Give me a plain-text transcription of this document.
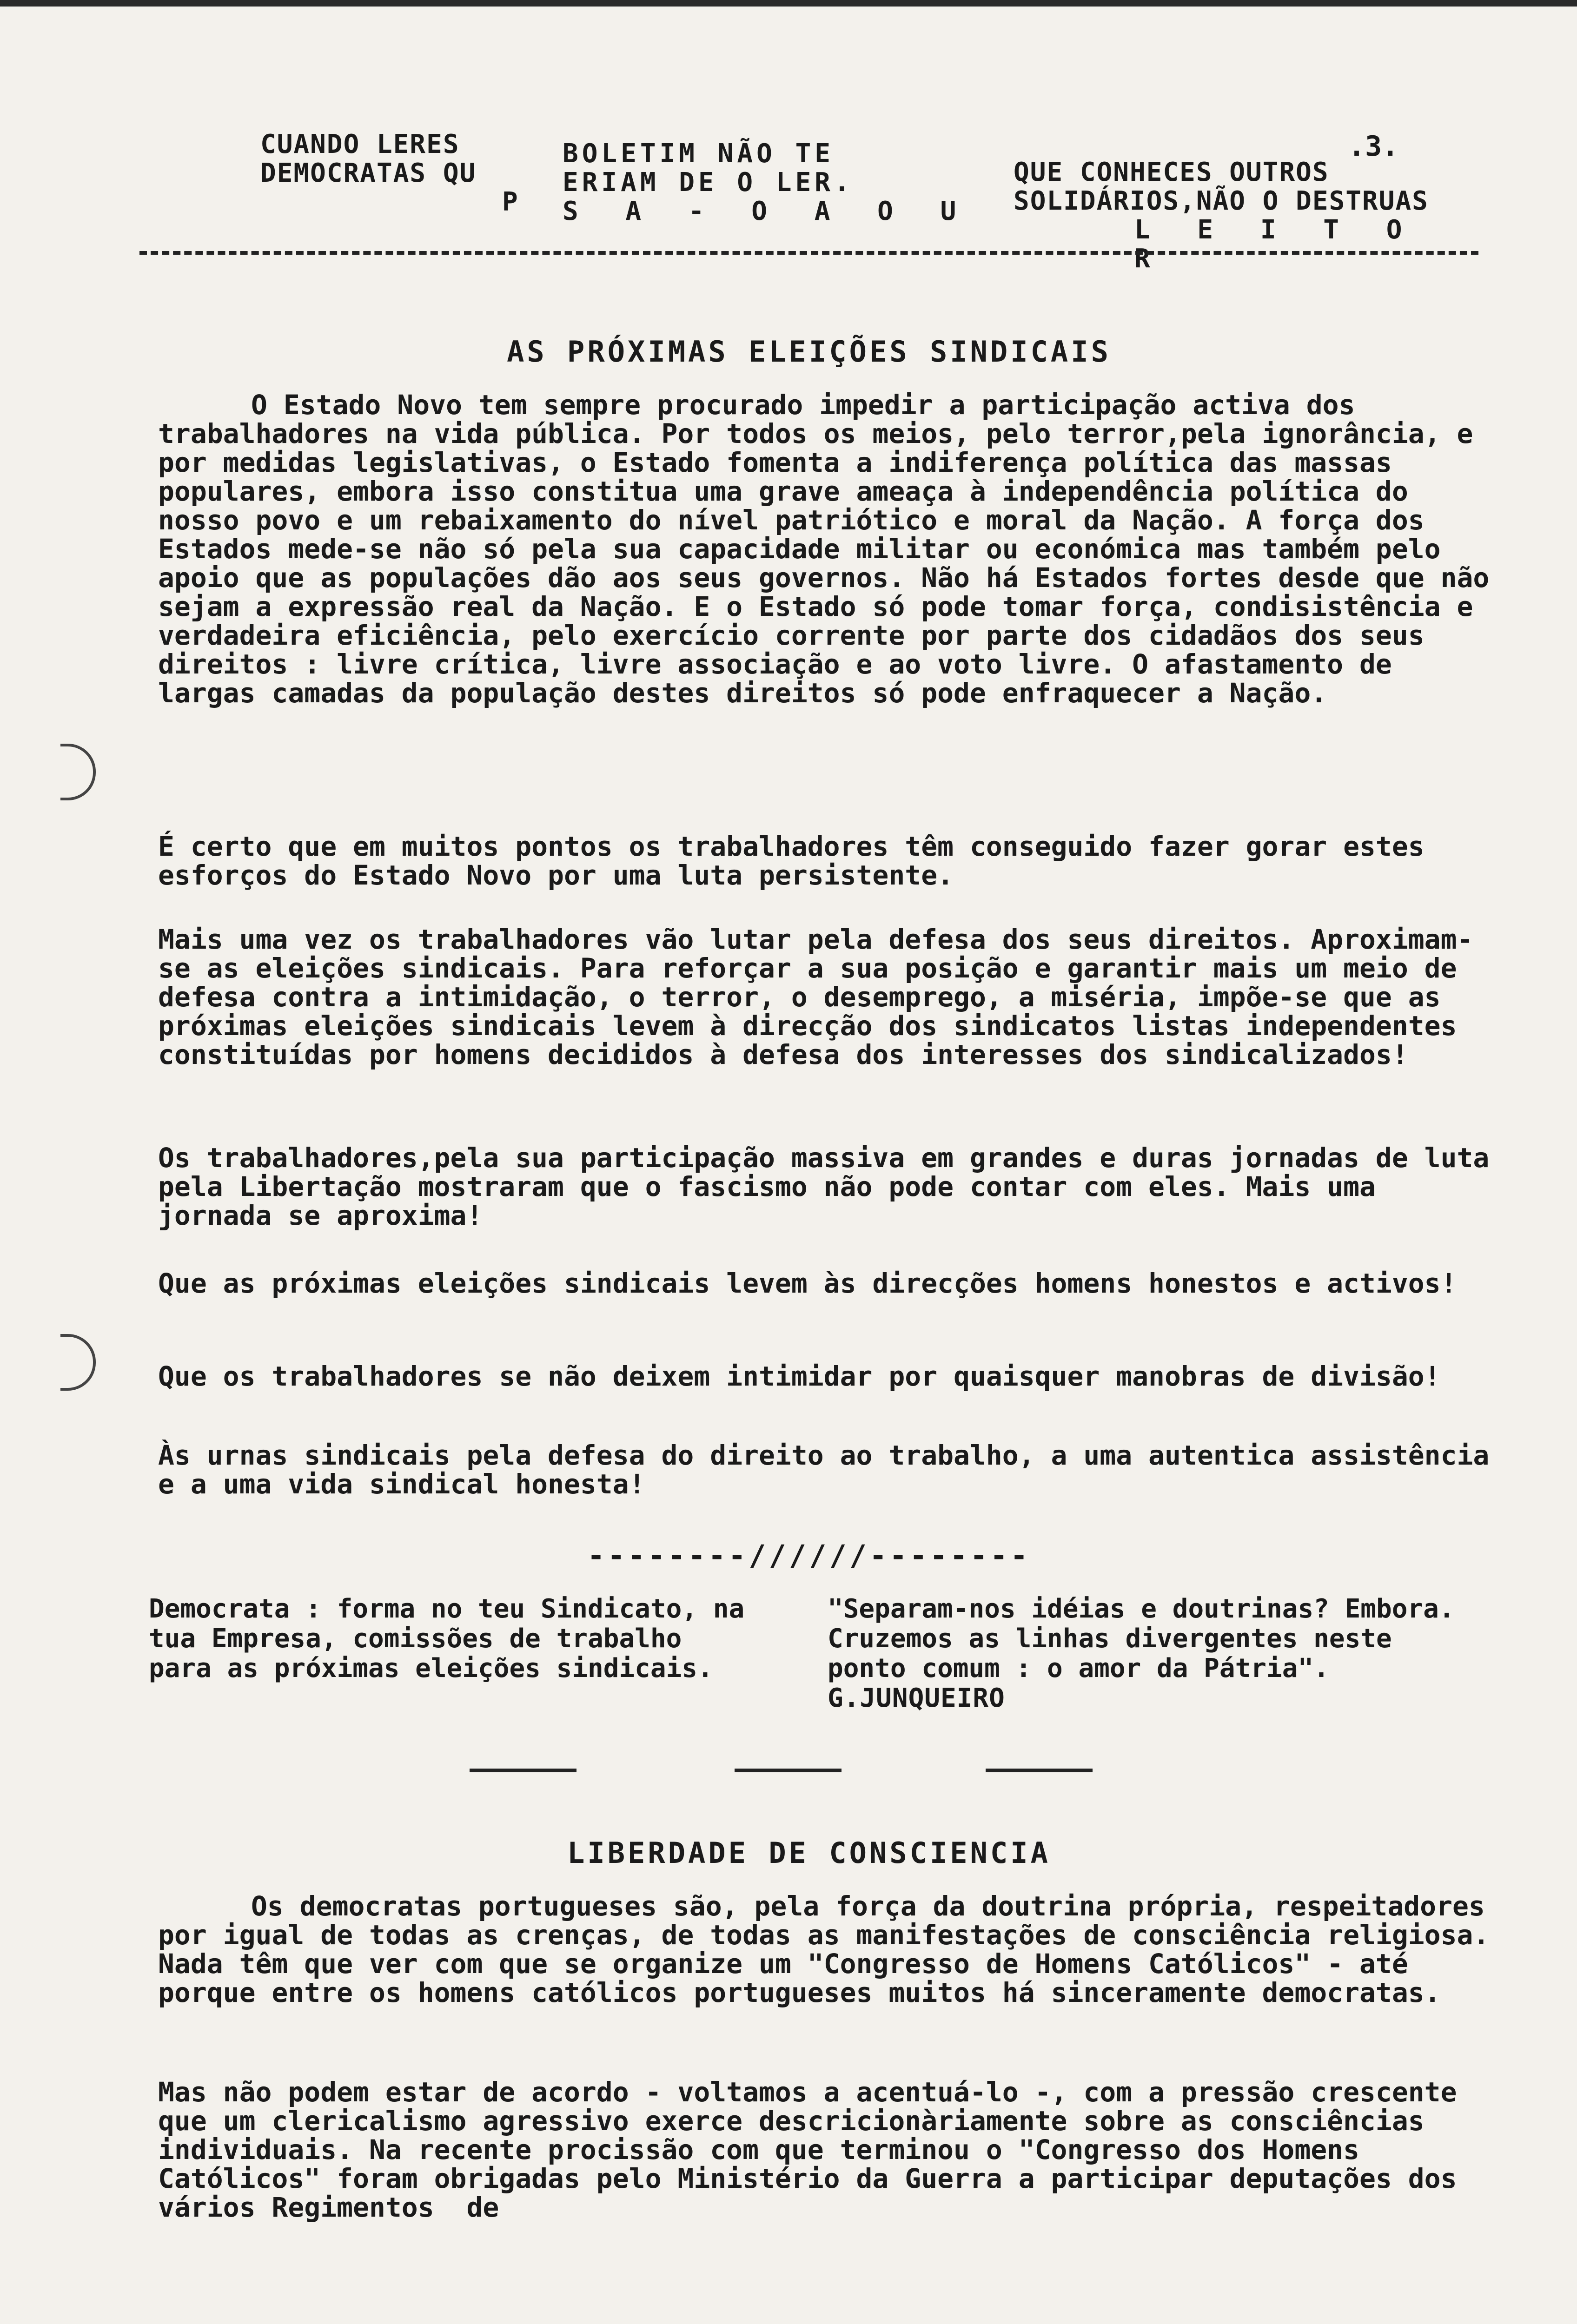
CUANDO LERES
DEMOCRATAS QU
P
BOLETIM NÃO TE
ERIAM DE O LER.
S A - O A O U
QUE CONHECES OUTROS
SOLIDÁRIOS,NÃO O DESTRUAS
L E I T O R
.3.
AS PRÓXIMAS ELEIÇÕES SINDICAIS
O Estado Novo tem sempre procurado impedir a participação activa dos trabalhadores na vida pública. Por todos os meios, pelo terror,pela ignorância, e por medidas legislativas, o Estado fomenta a indiferença política das massas populares, embora isso constitua uma grave ameaça à independência política do nosso povo e um rebaixamento do nível patriótico e moral da Nação. A força dos Estados mede-se não só pela sua capacidade militar ou económica mas também pelo apoio que as populações dão aos seus governos. Não há Estados fortes desde que não sejam a expressão real da Nação. E o Estado só pode tomar força, condisistência e verdadeira eficiência, pelo exercício corrente por parte dos cidadãos dos seus direitos : livre crítica, livre associação e ao voto livre. O afastamento de largas camadas da população destes direitos só pode enfraquecer a Nação.
É certo que em muitos pontos os trabalhadores têm conseguido fazer gorar estes esforços do Estado Novo por uma luta persistente.
Mais uma vez os trabalhadores vão lutar pela defesa dos seus direitos. Aproximam-se as eleições sindicais. Para reforçar a sua posição e garantir mais um meio de defesa contra a intimidação, o terror, o desemprego, a miséria, impõe-se que as próximas eleições sindicais levem à direcção dos sindicatos listas independentes constituídas por homens decididos à defesa dos interesses dos sindicalizados!
Os trabalhadores,pela sua participação massiva em grandes e duras jornadas de luta pela Libertação mostraram que o fascismo não pode contar com eles. Mais uma jornada se aproxima!
Que as próximas eleições sindicais levem às direcções homens honestos e activos!
Que os trabalhadores se não deixem intimidar por quaisquer manobras de divisão!
Às urnas sindicais pela defesa do direito ao trabalho, a uma autentica assistência e a uma vida sindical honesta!
--------//////--------
Democrata : forma no teu Sindicato, na tua Empresa, comissões de trabalho para as próximas eleições sindicais.
"Separam-nos idéias e doutrinas? Embora. Cruzemos as linhas divergentes neste ponto comum : o amor da Pátria". G.JUNQUEIRO
LIBERDADE DE CONSCIENCIA
Os democratas portugueses são, pela força da doutrina própria, respeitadores por igual de todas as crenças, de todas as manifestações de consciência religiosa. Nada têm que ver com que se organize um "Congresso de Homens Católicos" - até porque entre os homens católicos portugueses muitos há sinceramente democratas.
Mas não podem estar de acordo - voltamos a acentuá-lo -, com a pressão crescente que um clericalismo agressivo exerce descricionàriamente sobre as consciências individuais. Na recente procissão com que terminou o "Congresso dos Homens Católicos" foram obrigadas pelo Ministério da Guerra a participar deputações dos vários Regimentos  de
